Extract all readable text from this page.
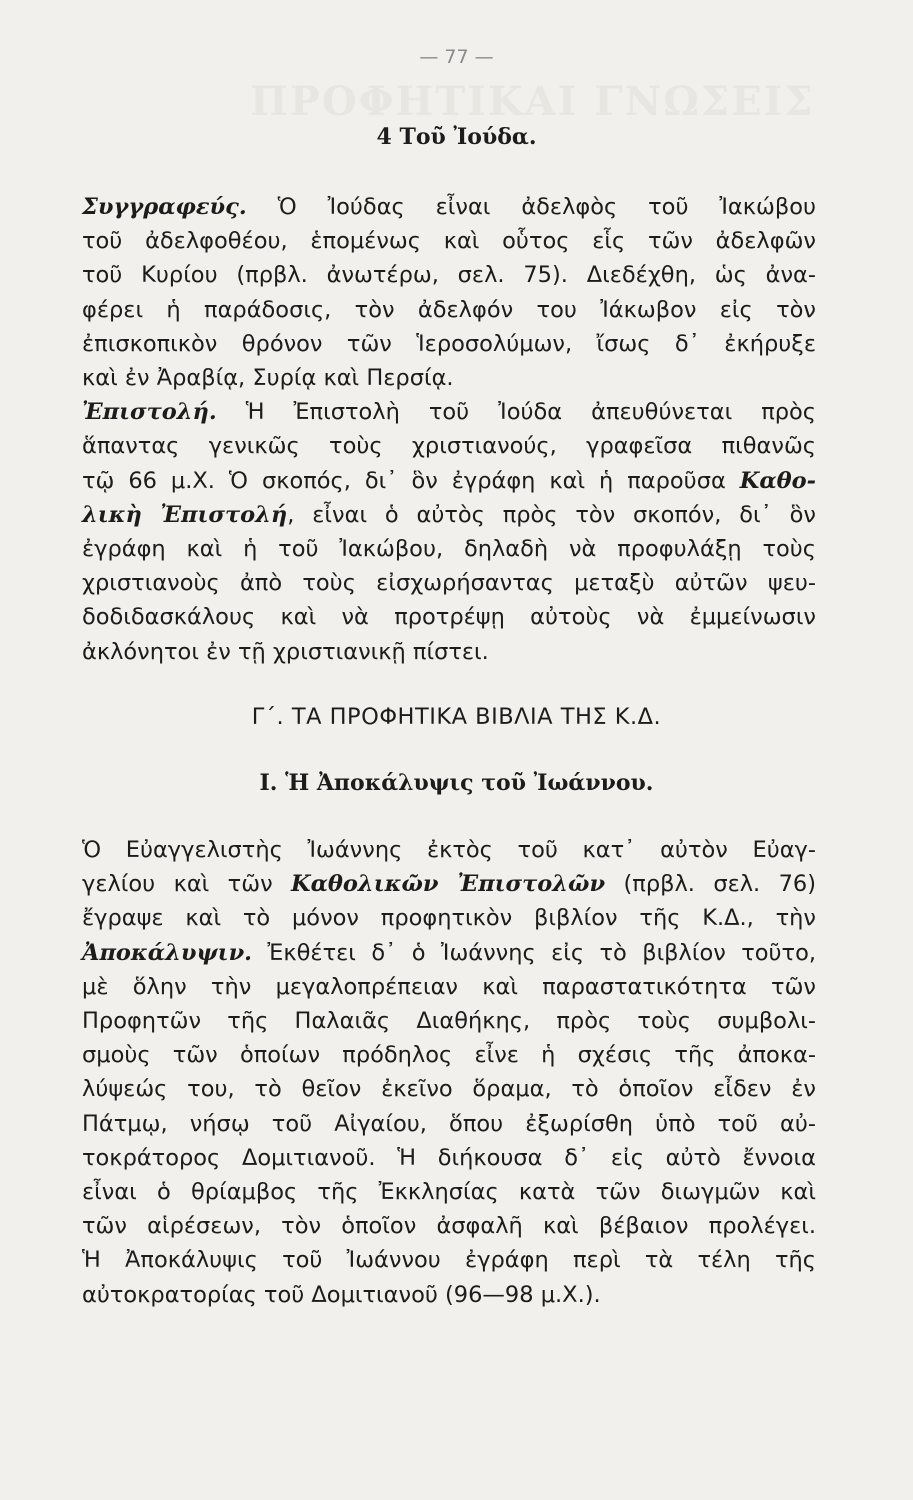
ΠΡΟΦΗΤΙΚΑΙ ΓΝΩΣΕΙΣ
— 77 —
4 Τοῦ Ἰούδα.
Συγγραφεύς. Ὁ Ἰούδας εἶναι ἀδελφὸς τοῦ Ἰακώβου
τοῦ ἀδελφοθέου, ἑπομένως καὶ οὗτος εἷς τῶν ἀδελφῶν
τοῦ Κυρίου (πρβλ. ἀνωτέρω, σελ. 75). Διεδέχθη, ὡς ἀνα-
φέρει ἡ παράδοσις, τὸν ἀδελφόν του Ἰάκωβον εἰς τὸν
ἐπισκοπικὸν θρόνον τῶν Ἱεροσολύμων, ἴσως δ᾿ ἐκήρυξε
καὶ ἐν Ἀραβίᾳ, Συρίᾳ καὶ Περσίᾳ.
Ἐπιστολή. Ἡ Ἐπιστολὴ τοῦ Ἰούδα ἀπευθύνεται πρὸς
ἅπαντας γενικῶς τοὺς χριστιανούς, γραφεῖσα πιθανῶς
τῷ 66 μ.Χ. Ὁ σκοπός, δι᾿ ὃν ἐγράφη καὶ ἡ παροῦσα Καθο-
λικὴ Ἐπιστολή, εἶναι ὁ αὐτὸς πρὸς τὸν σκοπόν, δι᾿ ὃν
ἐγράφη καὶ ἡ τοῦ Ἰακώβου, δηλαδὴ νὰ προφυλάξῃ τοὺς
χριστιανοὺς ἀπὸ τοὺς εἰσχωρήσαντας μεταξὺ αὐτῶν ψευ-
δοδιδασκάλους καὶ νὰ προτρέψῃ αὐτοὺς νὰ ἐμμείνωσιν
ἀκλόνητοι ἐν τῇ χριστιανικῇ πίστει.
Γ΄. ΤΑ ΠΡΟΦΗΤΙΚΑ ΒΙΒΛΙΑ ΤΗΣ Κ.Δ.
Ι. Ἡ Ἀποκάλυψις τοῦ Ἰωάννου.
Ὁ Εὐαγγελιστὴς Ἰωάννης ἐκτὸς τοῦ κατ᾿ αὐτὸν Εὐαγ-
γελίου καὶ τῶν Καθολικῶν Ἐπιστολῶν (πρβλ. σελ. 76)
ἔγραψε καὶ τὸ μόνον προφητικὸν βιβλίον τῆς Κ.Δ., τὴν
Ἀποκάλυψιν. Ἐκθέτει δ᾿ ὁ Ἰωάννης εἰς τὸ βιβλίον τοῦτο,
μὲ ὅλην τὴν μεγαλοπρέπειαν καὶ παραστατικότητα τῶν
Προφητῶν τῆς Παλαιᾶς Διαθήκης, πρὸς τοὺς συμβολι-
σμοὺς τῶν ὁποίων πρόδηλος εἶνε ἡ σχέσις τῆς ἀποκα-
λύψεώς του, τὸ θεῖον ἐκεῖνο ὅραμα, τὸ ὁποῖον εἶδεν ἐν
Πάτμῳ, νήσῳ τοῦ Αἰγαίου, ὅπου ἐξωρίσθη ὑπὸ τοῦ αὐ-
τοκράτορος Δομιτιανοῦ. Ἡ διήκουσα δ᾿ εἰς αὐτὸ ἔννοια
εἶναι ὁ θρίαμβος τῆς Ἐκκλησίας κατὰ τῶν διωγμῶν καὶ
τῶν αἱρέσεων, τὸν ὁποῖον ἀσφαλῆ καὶ βέβαιον προλέγει.
Ἡ Ἀποκάλυψις τοῦ Ἰωάννου ἐγράφη περὶ τὰ τέλη τῆς
αὐτοκρατορίας τοῦ Δομιτιανοῦ (96—98 μ.Χ.).
